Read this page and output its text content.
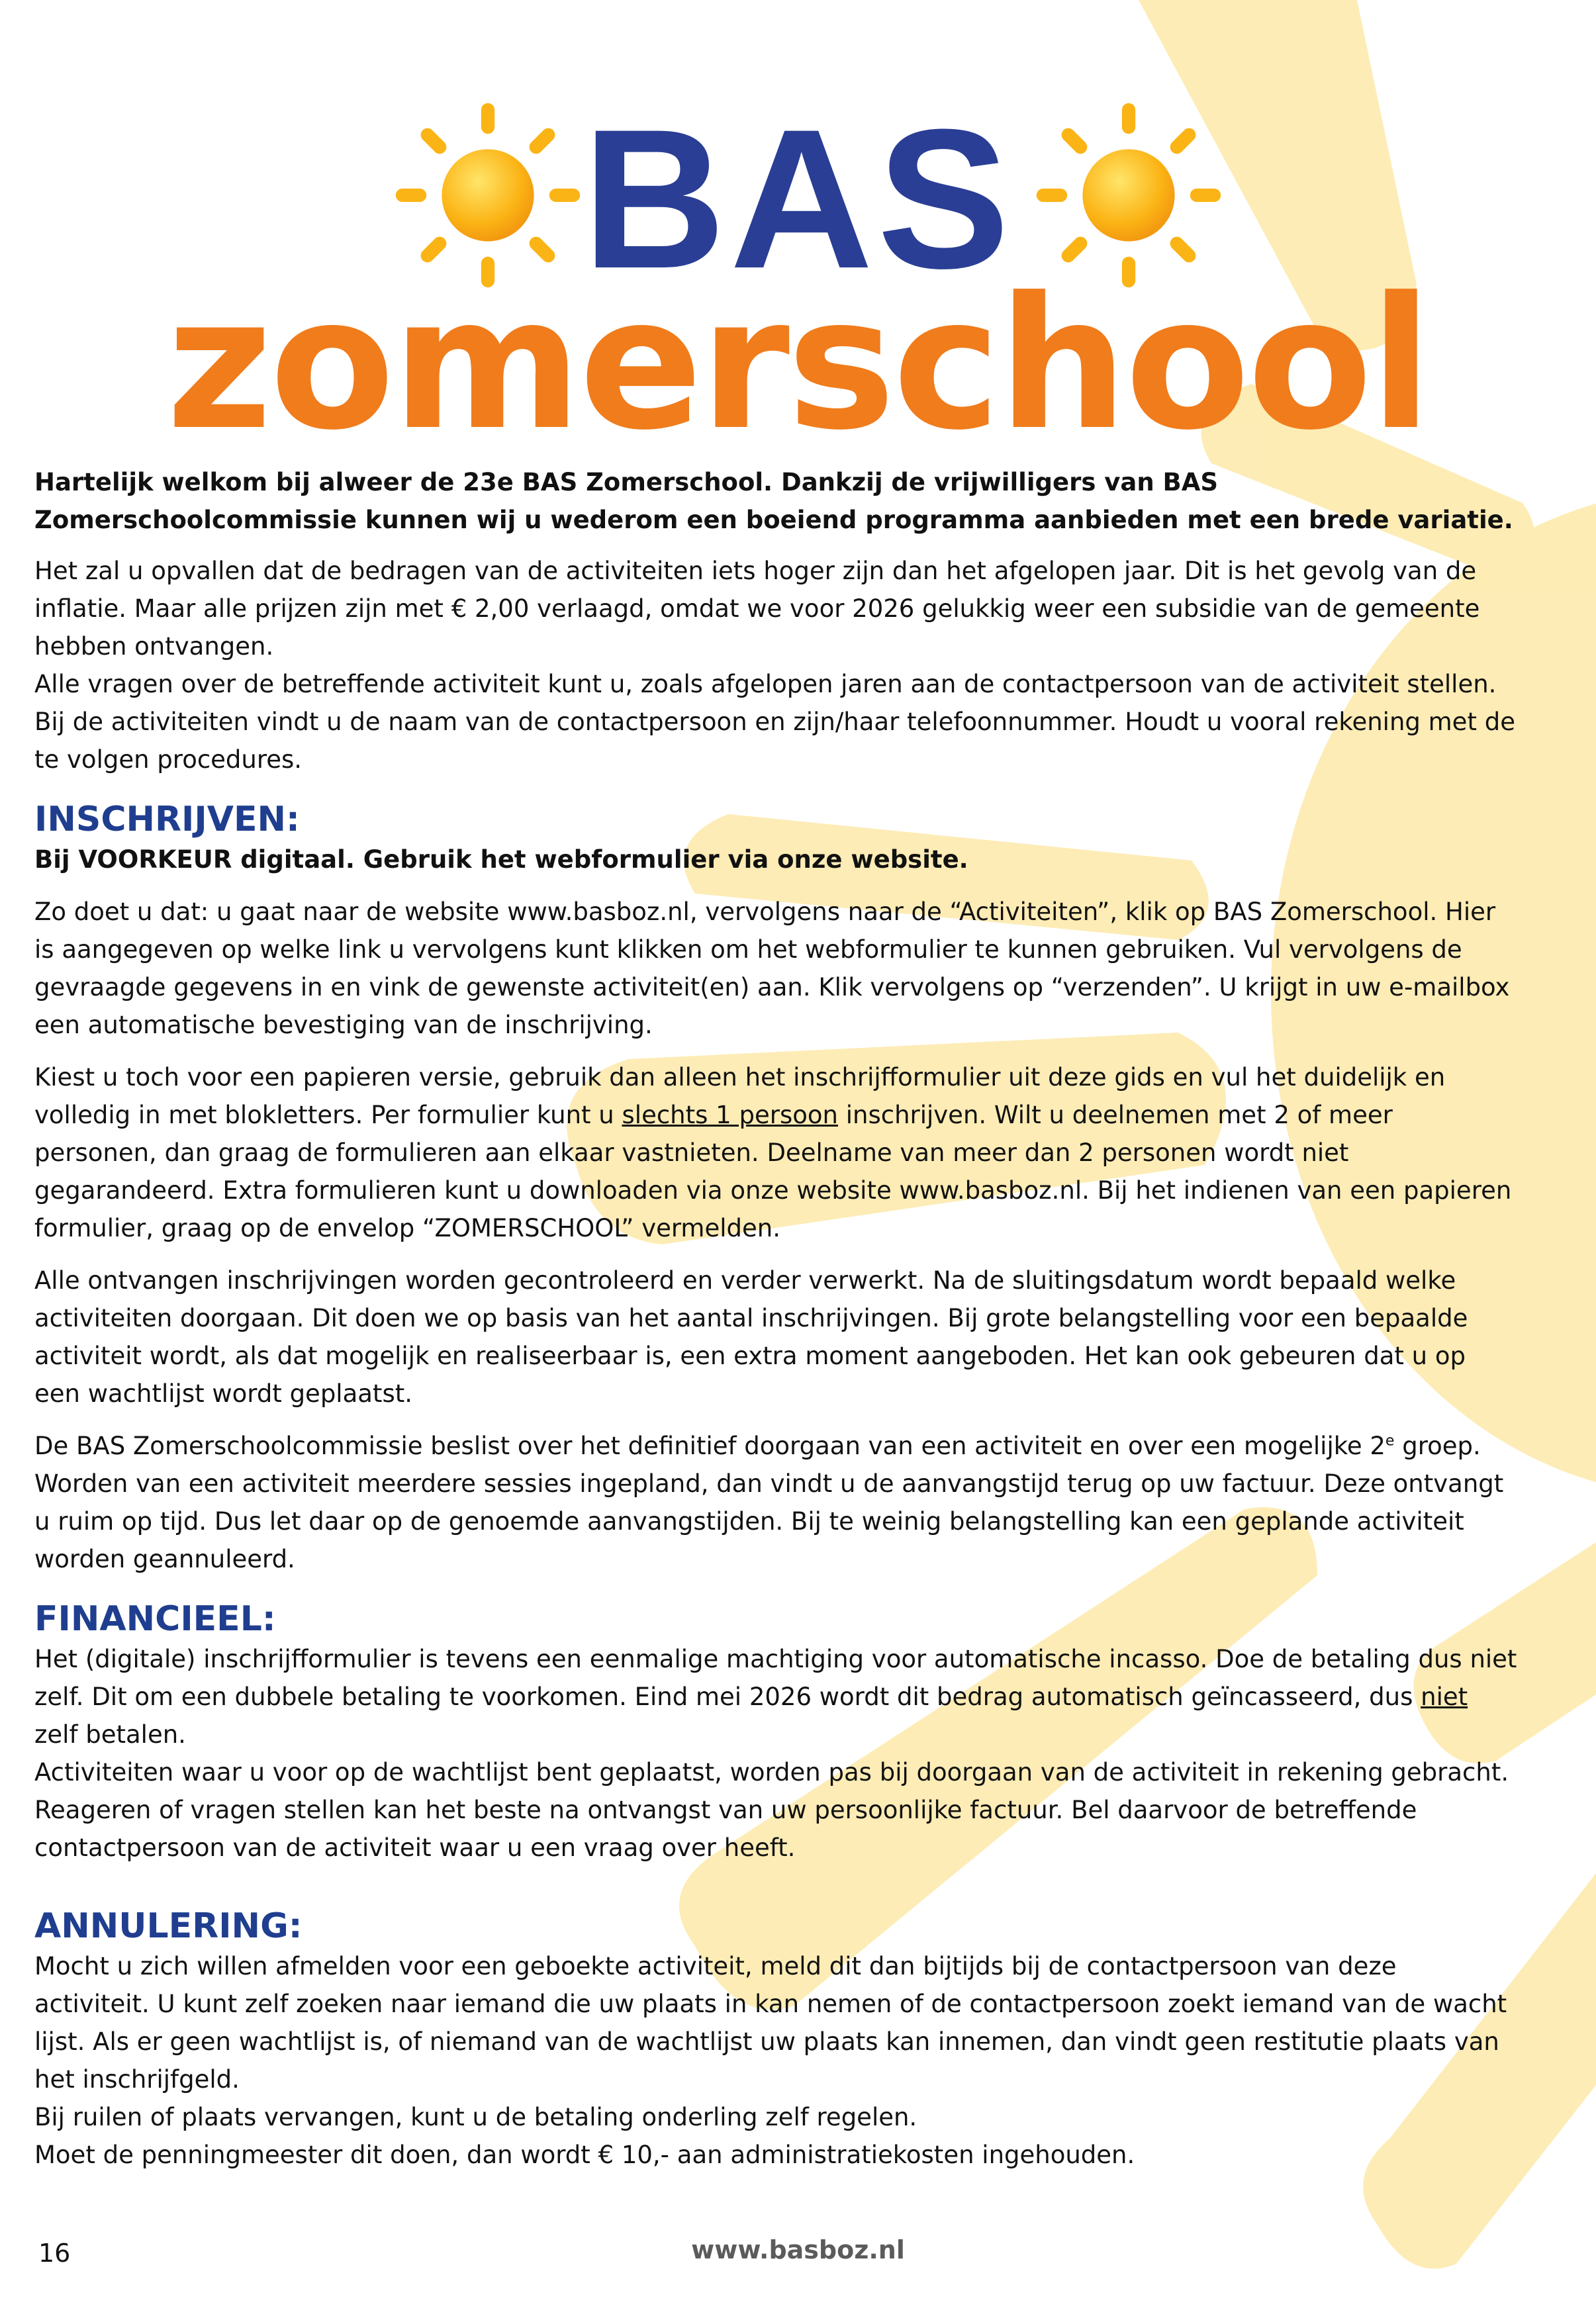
BAS
zomerschool

Hartelijk welkom bij alweer de 23e BAS Zomerschool. Dankzij de vrijwilligers van BAS Zomerschoolcommissie kunnen wij u wederom een boeiend programma aanbieden met een brede variatie.

Het zal u opvallen dat de bedragen van de activiteiten iets hoger zijn dan het afgelopen jaar. Dit is het gevolg van de inflatie. Maar alle prijzen zijn met € 2,00 verlaagd, omdat we voor 2026 gelukkig weer een subsidie van de gemeente hebben ontvangen.

Alle vragen over de betreffende activiteit kunt u, zoals afgelopen jaren aan de contactpersoon van de activiteit stellen. Bij de activiteiten vindt u de naam van de contactpersoon en zijn/haar telefoonnummer. Houdt u vooral rekening met de te volgen procedures.

INSCHRIJVEN:

Bij VOORKEUR digitaal. Gebruik het webformulier via onze website.

Zo doet u dat: u gaat naar de website www.basboz.nl, vervolgens naar de “Activiteiten”, klik op BAS Zomerschool. Hier is aangegeven op welke link u vervolgens kunt klikken om het webformulier te kunnen gebruiken. Vul vervolgens de gevraagde gegevens in en vink de gewenste activiteit(en) aan. Klik vervolgens op “verzenden”. U krijgt in uw e-mailbox een automatische bevestiging van de inschrijving.

Kiest u toch voor een papieren versie, gebruik dan alleen het inschrijfformulier uit deze gids en vul het duidelijk en volledig in met blokletters. Per formulier kunt u slechts 1 persoon inschrijven. Wilt u deelnemen met 2 of meer personen, dan graag de formulieren aan elkaar vastnieten. Deelname van meer dan 2 personen wordt niet gegarandeerd. Extra formulieren kunt u downloaden via onze website www.basboz.nl. Bij het indienen van een papieren formulier, graag op de envelop “ZOMERSCHOOL” vermelden.

Alle ontvangen inschrijvingen worden gecontroleerd en verder verwerkt. Na de sluitingsdatum wordt bepaald welke activiteiten doorgaan. Dit doen we op basis van het aantal inschrijvingen. Bij grote belangstelling voor een bepaalde activiteit wordt, als dat mogelijk en realiseerbaar is, een extra moment aangeboden. Het kan ook gebeuren dat u op een wachtlijst wordt geplaatst.

De BAS Zomerschoolcommissie beslist over het definitief doorgaan van een activiteit en over een mogelijke 2e groep. Worden van een activiteit meerdere sessies ingepland, dan vindt u de aanvangstijd terug op uw factuur. Deze ontvangt u ruim op tijd. Dus let daar op de genoemde aanvangstijden. Bij te weinig belangstelling kan een geplande activiteit worden geannuleerd.

FINANCIEEL:

Het (digitale) inschrijfformulier is tevens een eenmalige machtiging voor automatische incasso. Doe de betaling dus niet zelf. Dit om een dubbele betaling te voorkomen. Eind mei 2026 wordt dit bedrag automatisch geïncasseerd, dus niet zelf betalen.

Activiteiten waar u voor op de wachtlijst bent geplaatst, worden pas bij doorgaan van de activiteit in rekening gebracht. Reageren of vragen stellen kan het beste na ontvangst van uw persoonlijke factuur. Bel daarvoor de betreffende contactpersoon van de activiteit waar u een vraag over heeft.

ANNULERING:

Mocht u zich willen afmelden voor een geboekte activiteit, meld dit dan bijtijds bij de contactpersoon van deze activiteit. U kunt zelf zoeken naar iemand die uw plaats in kan nemen of de contactpersoon zoekt iemand van de wacht lijst. Als er geen wachtlijst is, of niemand van de wachtlijst uw plaats kan innemen, dan vindt geen restitutie plaats van het inschrijfgeld.

Bij ruilen of plaats vervangen, kunt u de betaling onderling zelf regelen.

Moet de penningmeester dit doen, dan wordt € 10,- aan administratiekosten ingehouden.

16	www.basboz.nl
